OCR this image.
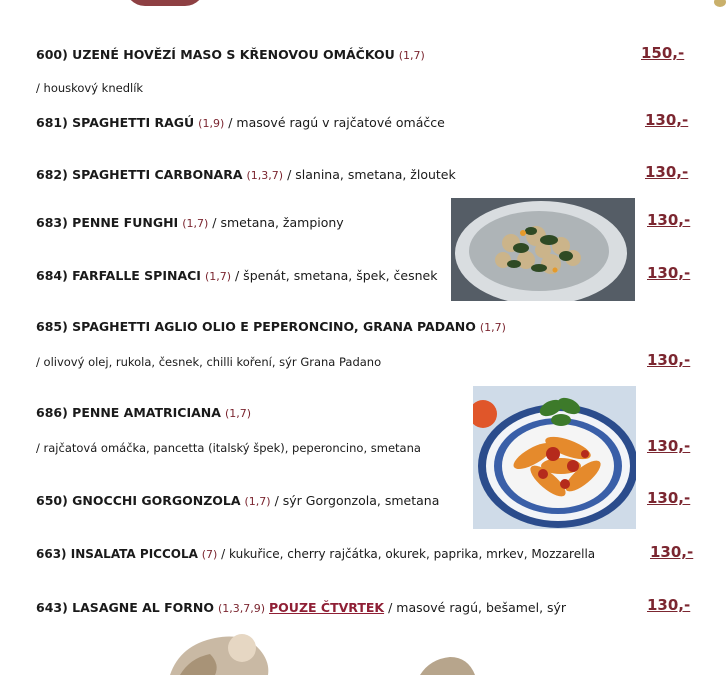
600) UZENÉ HOVĚZÍ MASO S KŘENOVOU OMÁČKOU (1,7)	150,-
/ houskový knedlík
681) SPAGHETTI RAGÚ (1,9) / masové ragú v rajčatové omáčce	130,-
682) SPAGHETTI CARBONARA (1,3,7) / slanina, smetana, žloutek	130,-
683) PENNE FUNGHI (1,7) / smetana, žampiony	130,-
684) FARFALLE SPINACI (1,7) / špenát, smetana, špek, česnek	130,-
685) SPAGHETTI AGLIO OLIO E PEPERONCINO, GRANA PADANO (1,7)
/ olivový olej, rukola, česnek, chilli koření, sýr Grana Padano	130,-
686) PENNE AMATRICIANA (1,7)
/ rajčatová omáčka, pancetta (italský špek), peperoncino, smetana	130,-
650) GNOCCHI GORGONZOLA (1,7) / sýr Gorgonzola, smetana	130,-
663) INSALATA PICCOLA (7) / kukuřice, cherry rajčátka, okurek, paprika, mrkev, Mozzarella	130,-
643) LASAGNE AL FORNO (1,3,7,9) POUZE ČTVRTEK / masové ragú, bešamel, sýr	130,-
